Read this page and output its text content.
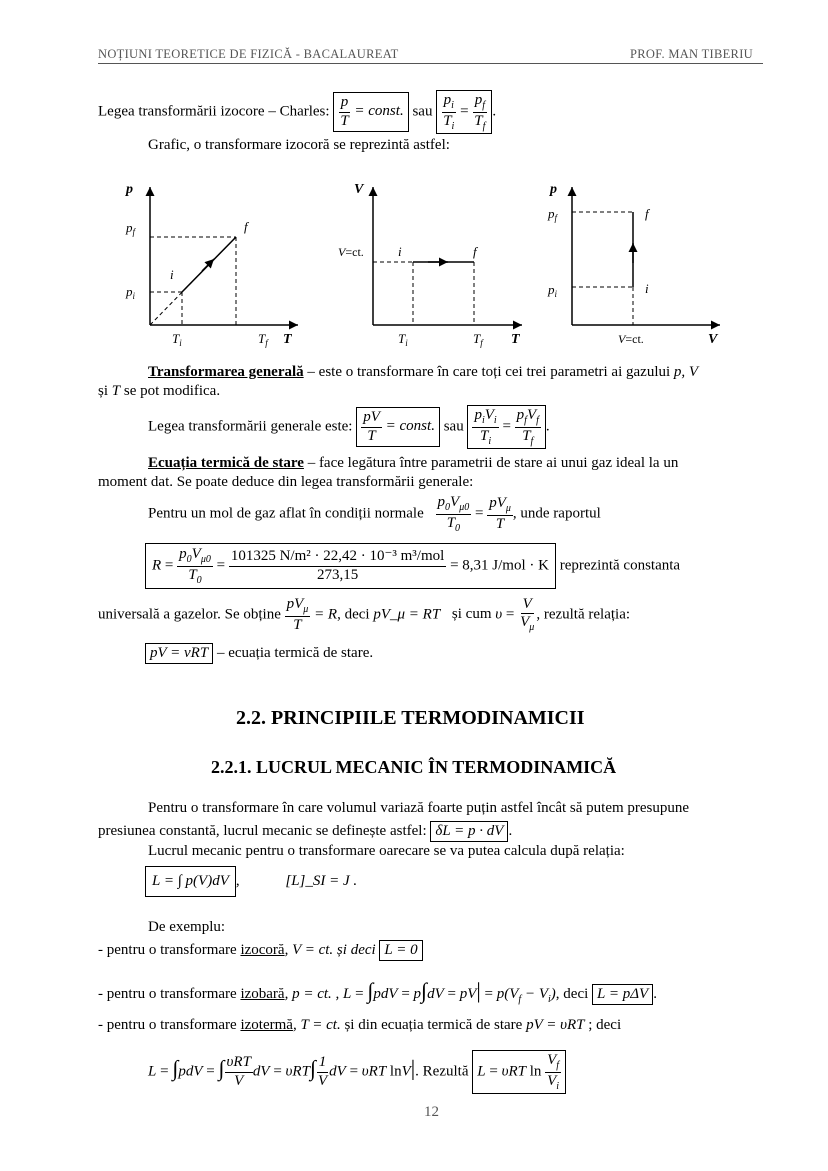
NOȚIUNI TEORETICE DE FIZICĂ - BACALAUREAT	PROF. MAN TIBERIU
Legea transformării izocore – Charles: $\frac{p}{T}$ = const. sau $\frac{p_i}{T_i} = \frac{p_f}{T_f}$ .
Grafic, o transformare izocoră se reprezintă astfel:
p
$p_f$
$p_i$
i
f
$T_i$	$T_f$ T
V
V=ct.	i	f
$T_i$	$T_f$ T
p
$p_f$
$p_i$
f
i
V=ct.	V
Transformarea generală – este o transformare în care toți cei trei parametri ai gazului p, V
și T se pot modifica.
Legea transformării generale este: $\frac{pV}{T}$ = const. sau $\frac{p_iV_i}{T_i} = \frac{p_fV_f}{T_f}$ .
Ecuația termică de stare – face legătura între parametrii de stare ai unui gaz ideal la un
moment dat. Se poate deduce din legea transformării generale:
Pentru un mol de gaz aflat în condiții normale $\frac{p_0V_{\mu 0}}{T_0} = \frac{pV_\mu}{T}$ , unde raportul
$R = \frac{p_0V_{\mu 0}}{T_0} = \frac{\text{101325 N/m² · 22,42 · 10⁻³ m³/mol}}{273,15} = 8,31$ J/mol · K reprezintă constanta
universală a gazelor. Se obține $\frac{pV_\mu}{T} = R$, deci pV_μ = RT și cum $\upsilon = \frac{V}{V_\mu}$ , rezultă relația:
pV = νRT – ecuația termică de stare.
2.2. PRINCIPIILE TERMODINAMICII
2.2.1. LUCRUL MECANIC ÎN TERMODINAMICĂ
Pentru o transformare în care volumul variază foarte puțin astfel încât să putem presupune
presiunea constantă, lucrul mecanic se definește astfel: δL = p · dV .
Lucrul mecanic pentru o transformare oarecare se va putea calcula după relația:
L = ∫ p(V)dV ,	[L]_SI = J .
De exemplu:
- pentru o transformare izocoră, V = ct. și deci L = 0
- pentru o transformare izobară, p = ct. , $L = \int pdV = p\int dV = pV| = p(V_f - V_i)$, deci L = pΔV .
- pentru o transformare izotermă, T = ct. și din ecuația termică de stare pV = υRT ; deci
L = ∫pdV = ∫ $\frac{\text{υRT}}{V}$ dV = $\upsilon RT\int \frac{1}{V}$ dV = υRT lnV|. Rezultă L = υRT $\ln \frac{V_f}{V_i}$
12
